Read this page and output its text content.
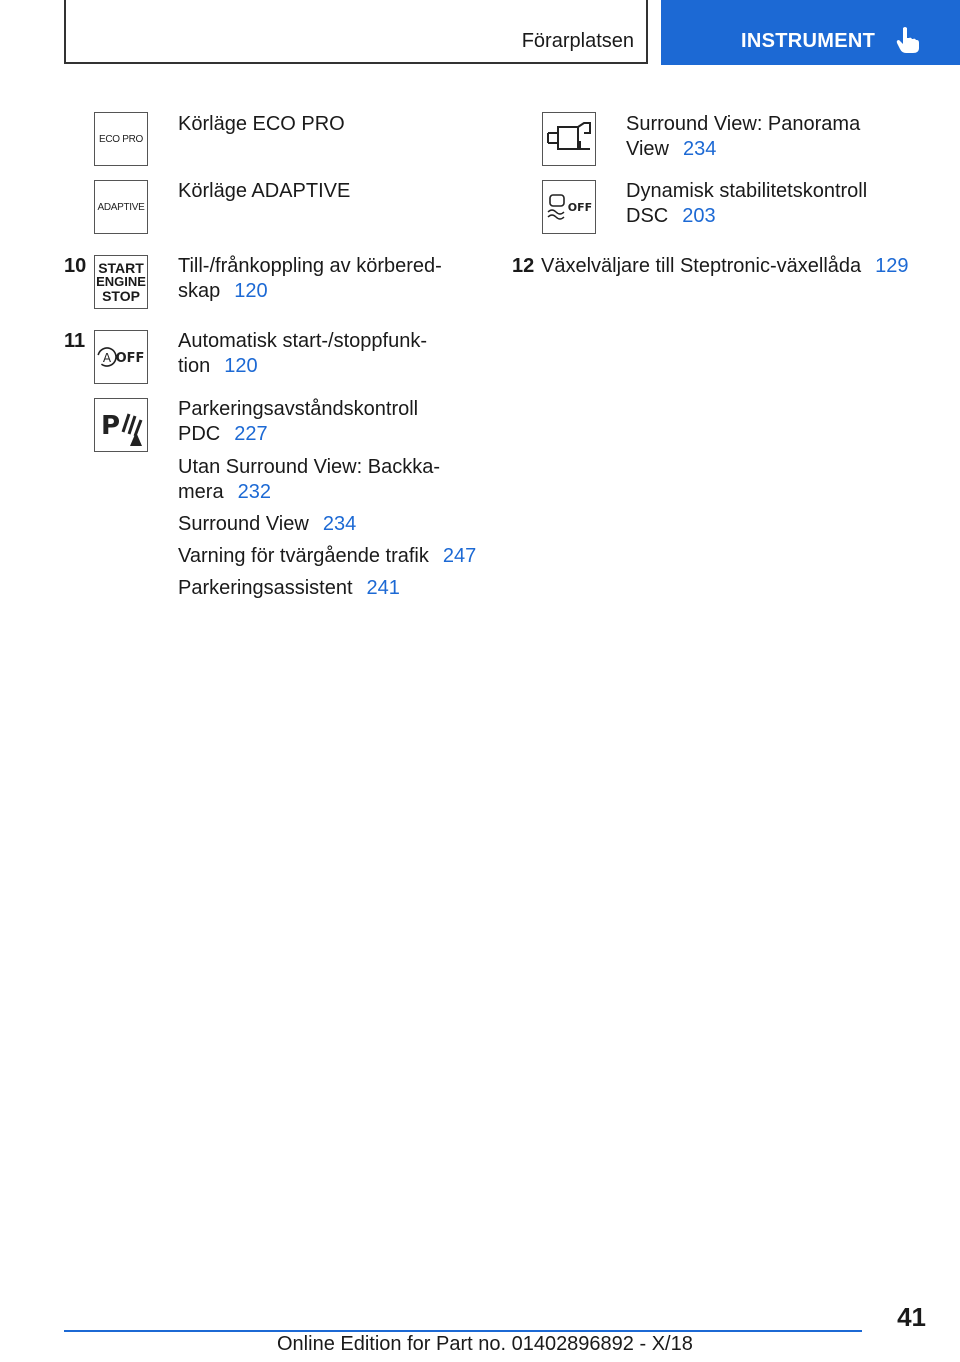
Förarplatsen	INSTRUMENT
ECO PRO
Körläge ECO PRO
ADAPTIVE
Körläge ADAPTIVE
10 START
ENGINE
STOP
Till-/frånkoppling av körbered-
skap 120
11
A OFF
Automatisk start-/stoppfunk-
tion 120
P
Parkeringsavståndskontroll
PDC 227
Utan Surround View: Backka-
mera 232
Surround View 234
Varning för tvärgående trafik 247
Parkeringsassistent 241
Surround View: Panorama
View 234
OFF
Dynamisk stabilitetskontroll
DSC 203
12 Växelväljare till Steptronic-växellåda 129
41
Online Edition for Part no. 01402896892 - X/18
